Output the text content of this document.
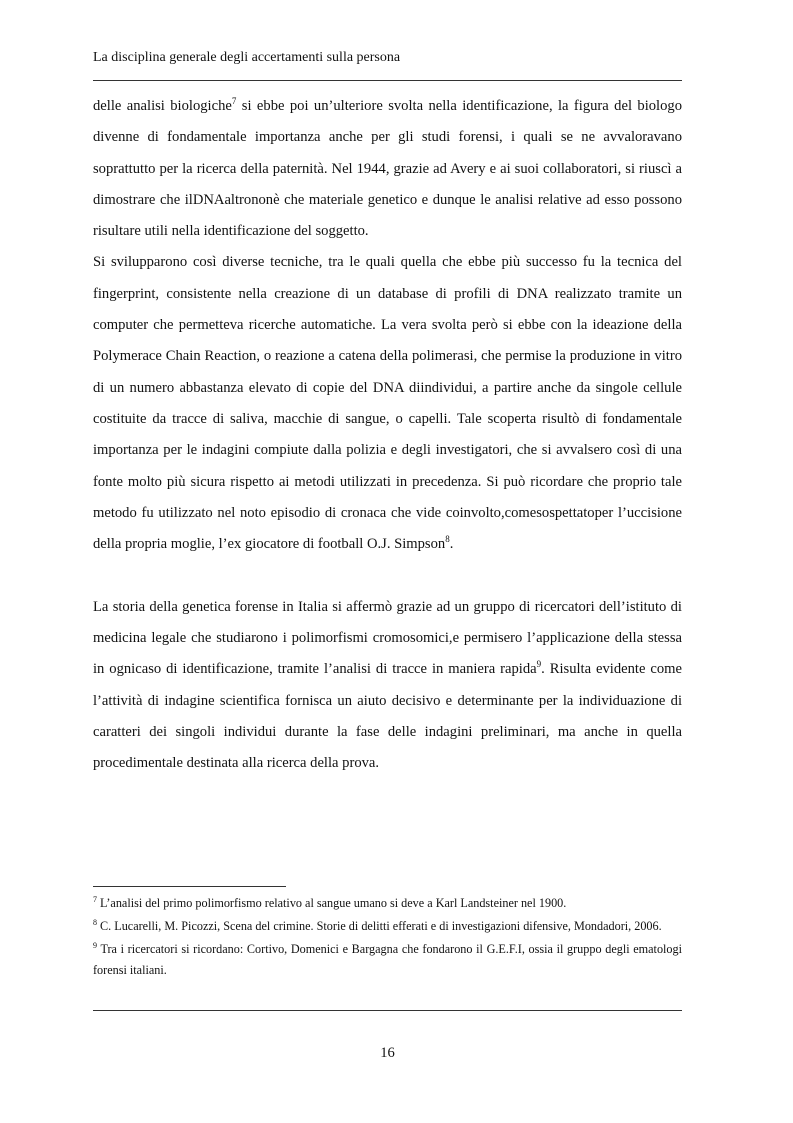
La disciplina generale degli accertamenti sulla persona

delle analisi biologiche$^7$ si ebbe poi un’ulteriore svolta nella identificazione, la figura del biologo divenne di fondamentale importanza anche per gli studi forensi, i quali se ne avvaloravano soprattutto per la ricerca della paternità. Nel 1944, grazie ad Avery e ai suoi collaboratori, si riuscì a dimostrare che ilDNAaltrononè che materiale genetico e dunque le analisi relative ad esso possono risultare utili nella identificazione del soggetto.

Si svilupparono così diverse tecniche, tra le quali quella che ebbe più successo fu la tecnica del fingerprint, consistente nella creazione di un database di profili di DNA realizzato tramite un computer che permetteva ricerche automatiche. La vera svolta però si ebbe con la ideazione della Polymerace Chain Reaction, o reazione a catena della polimerasi, che permise la produzione in vitro di un numero abbastanza elevato di copie del DNA diindividui, a partire anche da singole cellule costituite da tracce di saliva, macchie di sangue, o capelli. Tale scoperta risultò di fondamentale importanza per le indagini compiute dalla polizia e degli investigatori, che si avvalsero così di una fonte molto più sicura rispetto ai metodi utilizzati in precedenza. Si può ricordare che proprio tale metodo fu utilizzato nel noto episodio di cronaca che vide coinvolto,comesospettatoper l’uccisione della propria moglie, l’ex giocatore di football O.J. Simpson$^8$.

La storia della genetica forense in Italia si affermò grazie ad un gruppo di ricercatori dell’istituto di medicina legale che studiarono i polimorfismi cromosomici,e permisero l’applicazione della stessa in ognicaso di identificazione, tramite l’analisi di tracce in maniera rapida$^9$. Risulta evidente come l’attività di indagine scientifica fornisca un aiuto decisivo e determinante per la individuazione di caratteri dei singoli individui durante la fase delle indagini preliminari, ma anche in quella procedimentale destinata alla ricerca della prova.

$^7$ L’analisi del primo polimorfismo relativo al sangue umano si deve a Karl Landsteiner nel 1900.

$^8$ C. Lucarelli, M. Picozzi, Scena del crimine. Storie di delitti efferati e di investigazioni difensive, Mondadori, 2006.

$^9$ Tra i ricercatori si ricordano: Cortivo, Domenici e Bargagna che fondarono il G.E.F.I, ossia il gruppo degli ematologi forensi italiani.

16
